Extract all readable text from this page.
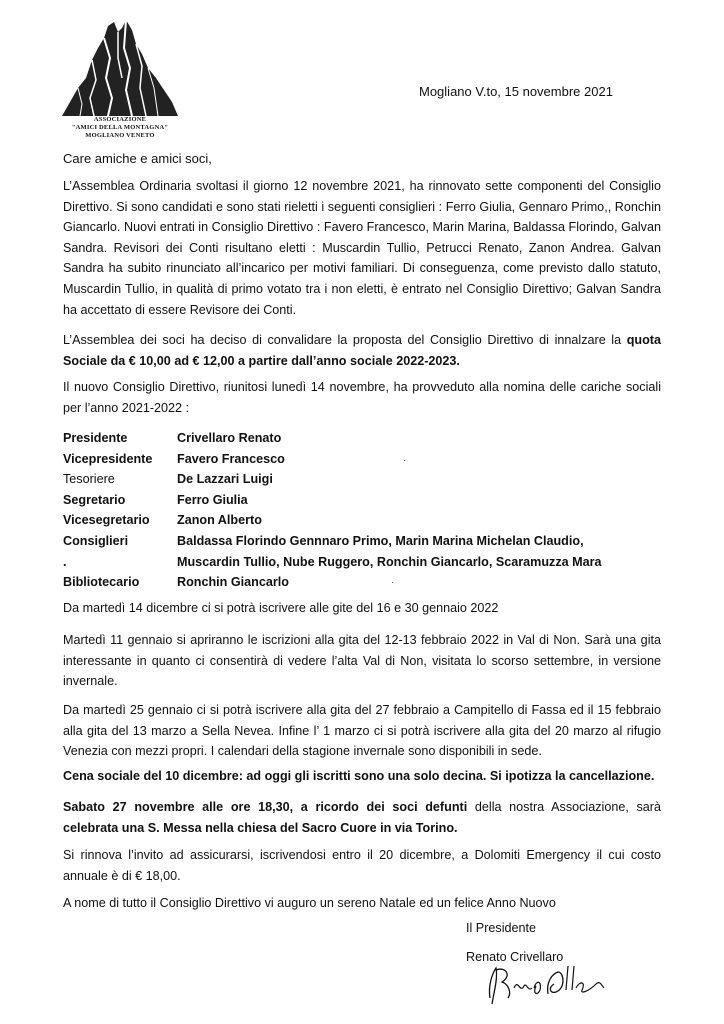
ASSOCIAZIONE
"AMICI DELLA MONTAGNA"
MOGLIANO VENETO
Mogliano V.to, 15 novembre 2021
Care amiche e amici soci,

L’Assemblea Ordinaria svoltasi il giorno 12 novembre 2021, ha rinnovato sette componenti del Consiglio Direttivo. Si sono candidati e sono stati rieletti i seguenti consiglieri : Ferro Giulia, Gennaro Primo,, Ronchin Giancarlo. Nuovi entrati in Consiglio Direttivo : Favero Francesco, Marin Marina, Baldassa Florindo, Galvan Sandra. Revisori dei Conti risultano eletti : Muscardin Tullio, Petrucci Renato, Zanon Andrea. Galvan Sandra ha subito rinunciato all’incarico per motivi familiari. Di conseguenza, come previsto dallo statuto, Muscardin Tullio, in qualità di primo votato tra i non eletti, è entrato nel Consiglio Direttivo; Galvan Sandra ha accettato di essere Revisore dei Conti.

L’Assemblea dei soci ha deciso di convalidare la proposta del Consiglio Direttivo di innalzare la quota Sociale da € 10,00 ad € 12,00 a partire dall’anno sociale 2022-2023.

Il nuovo Consiglio Direttivo, riunitosi lunedì 14 novembre, ha provveduto alla nomina delle cariche sociali per l’anno 2021-2022 :

Presidente	Crivellaro Renato
Vicepresidente	Favero Francesco
Tesoriere	De Lazzari Luigi
Segretario	Ferro Giulia
Vicesegretario	Zanon Alberto
Consiglieri	Baldassa Florindo Gennnaro Primo, Marin Marina Michelan Claudio,
.	Muscardin Tullio, Nube Ruggero, Ronchin Giancarlo, Scaramuzza Mara
Bibliotecario	Ronchin Giancarlo
·
·

Da martedì 14 dicembre ci si potrà iscrivere alle gite del 16 e 30 gennaio 2022

Martedì 11 gennaio si apriranno le iscrizioni alla gita del 12-13 febbraio 2022 in Val di Non. Sarà una gita interessante in quanto ci consentirà di vedere l’alta Val di Non, visitata lo scorso settembre, in versione invernale.

Da martedì 25 gennaio ci si potrà iscrivere alla gita del 27 febbraio a Campitello di Fassa ed il 15 febbraio alla gita del 13 marzo a Sella Nevea. Infine l’ 1 marzo ci si potrà iscrivere alla gita del 20 marzo al rifugio Venezia con mezzi propri. I calendari della stagione invernale sono disponibili in sede.

Cena sociale del 10 dicembre: ad oggi gli iscritti sono una solo decina. Si ipotizza la cancellazione.

Sabato 27 novembre alle ore 18,30, a ricordo dei soci defunti della nostra Associazione, sarà celebrata una S. Messa nella chiesa del Sacro Cuore in via Torino.

Si rinnova l’invito ad assicurarsi, iscrivendosi entro il 20 dicembre, a Dolomiti Emergency il cui costo annuale è di € 18,00.

A nome di tutto il Consiglio Direttivo vi auguro un sereno Natale ed un felice Anno Nuovo

Il Presidente
Renato Crivellaro
